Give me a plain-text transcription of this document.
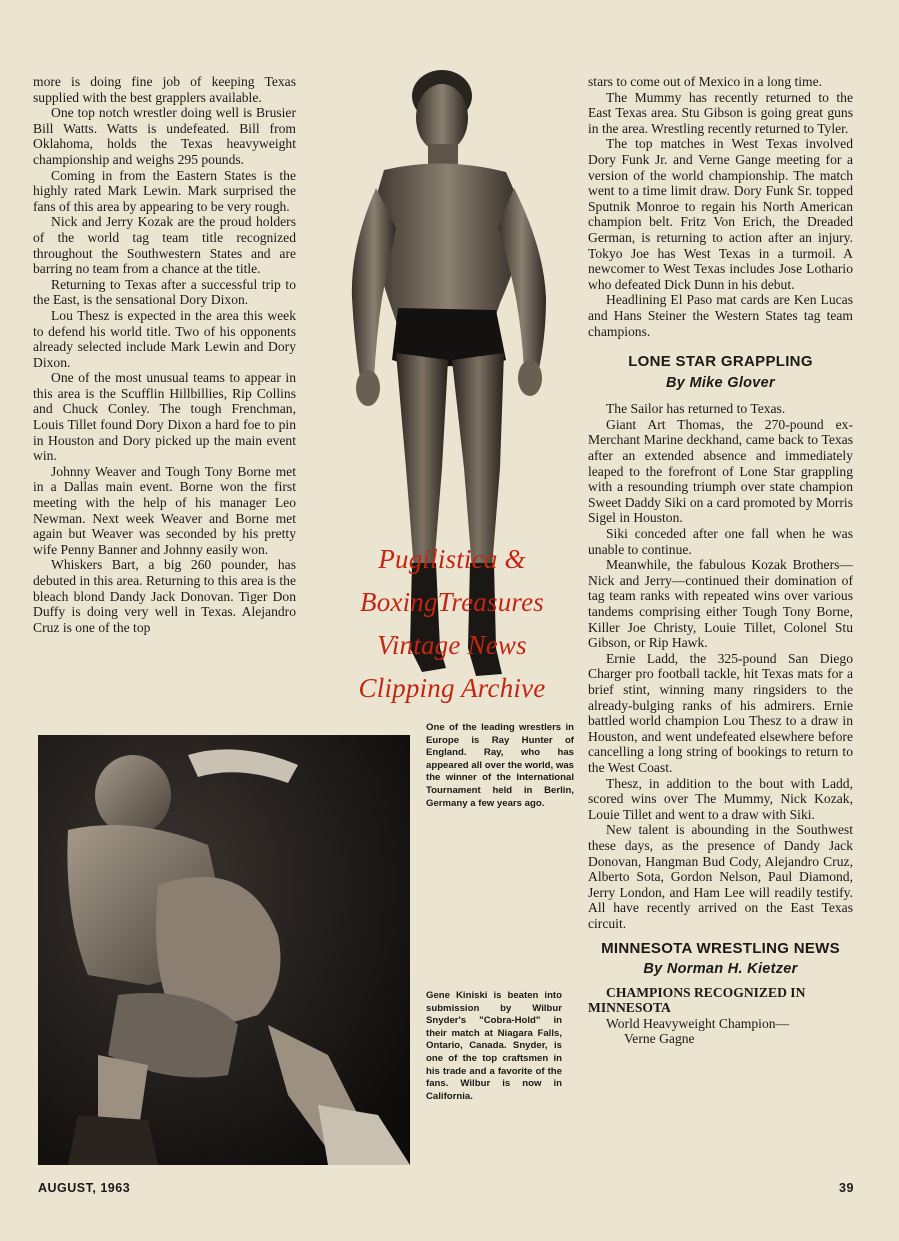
more is doing fine job of keeping Texas supplied with the best grapplers available.

One top notch wrestler doing well is Brusier Bill Watts. Watts is undefeated. Bill from Oklahoma, holds the Texas heavyweight championship and weighs 295 pounds.

Coming in from the Eastern States is the highly rated Mark Lewin. Mark surprised the fans of this area by appearing to be very rough.

Nick and Jerry Kozak are the proud holders of the world tag team title recognized throughout the Southwestern States and are barring no team from a chance at the title.

Returning to Texas after a successful trip to the East, is the sensational Dory Dixon.

Lou Thesz is expected in the area this week to defend his world title. Two of his opponents already selected include Mark Lewin and Dory Dixon.

One of the most unusual teams to appear in this area is the Scufflin Hillbillies, Rip Collins and Chuck Conley. The tough Frenchman, Louis Tillet found Dory Dixon a hard foe to pin in Houston and Dory picked up the main event win.

Johnny Weaver and Tough Tony Borne met in a Dallas main event. Borne won the first meeting with the help of his manager Leo Newman. Next week Weaver and Borne met again but Weaver was seconded by his pretty wife Penny Banner and Johnny easily won.

Whiskers Bart, a big 260 pounder, has debuted in this area. Returning to this area is the bleach blond Dandy Jack Donovan. Tiger Don Duffy is doing very well in Texas. Alejandro Cruz is one of the top

Pugilistica &
BoxingTreasures
Vintage News
Clipping Archive
One of the leading wrestlers in Europe is Ray Hunter of England. Ray, who has appeared all over the world, was the winner of the International Tournament held in Berlin, Germany a few years ago.
Gene Kiniski is beaten into submission by Wilbur Snyder's "Cobra-Hold" in their match at Niagara Falls, Ontario, Canada. Snyder, is one of the top craftsmen in his trade and a favorite of the fans. Wilbur is now in California.

stars to come out of Mexico in a long time.

The Mummy has recently returned to the East Texas area. Stu Gibson is going great guns in the area. Wrestling recently returned to Tyler.

The top matches in West Texas involved Dory Funk Jr. and Verne Gange meeting for a version of the world championship. The match went to a time limit draw. Dory Funk Sr. topped Sputnik Monroe to regain his North American champion belt. Fritz Von Erich, the Dreaded German, is returning to action after an injury. Tokyo Joe has West Texas in a turmoil. A newcomer to West Texas includes Jose Lothario who defeated Dick Dunn in his debut.

Headlining El Paso mat cards are Ken Lucas and Hans Steiner the Western States tag team champions.

LONE STAR GRAPPLING
By Mike Glover

The Sailor has returned to Texas.

Giant Art Thomas, the 270-pound ex-Merchant Marine deckhand, came back to Texas after an extended absence and immediately leaped to the forefront of Lone Star grappling with a resounding triumph over state champion Sweet Daddy Siki on a card promoted by Morris Sigel in Houston.

Siki conceded after one fall when he was unable to continue.

Meanwhile, the fabulous Kozak Brothers—Nick and Jerry—continued their domination of tag team ranks with repeated wins over various tandems comprising either Tough Tony Borne, Killer Joe Christy, Louie Tillet, Colonel Stu Gibson, or Rip Hawk.

Ernie Ladd, the 325-pound San Diego Charger pro football tackle, hit Texas mats for a brief stint, winning many ringsiders to the already-bulging ranks of his admirers. Ernie battled world champion Lou Thesz to a draw in Houston, and went undefeated elsewhere before cancelling a long string of bookings to return to the West Coast.

Thesz, in addition to the bout with Ladd, scored wins over The Mummy, Nick Kozak, Louie Tillet and went to a draw with Siki.

New talent is abounding in the Southwest these days, as the presence of Dandy Jack Donovan, Hangman Bud Cody, Alejandro Cruz, Alberto Sota, Gordon Nelson, Paul Diamond, Jerry London, and Ham Lee will readily testify. All have recently arrived on the East Texas circuit.

MINNESOTA WRESTLING NEWS
By Norman H. Kietzer

CHAMPIONS RECOGNIZED IN MINNESOTA

World Heavyweight Champion—

Verne Gagne

AUGUST, 1963	39
